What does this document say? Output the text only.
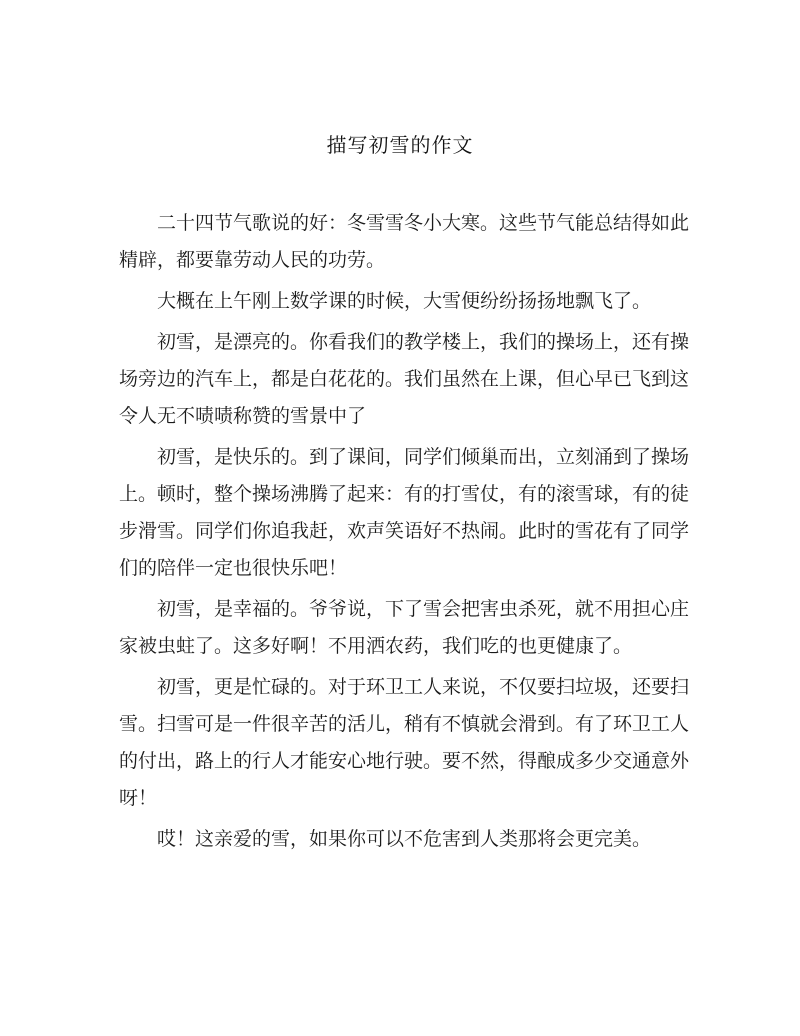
描写初雪的作文

二十四节气歌说的好：冬雪雪冬小大寒。这些节气能总结得如此精辟，都要靠劳动人民的功劳。

大概在上午刚上数学课的时候，大雪便纷纷扬扬地飘飞了。

初雪，是漂亮的。你看我们的教学楼上，我们的操场上，还有操场旁边的汽车上，都是白花花的。我们虽然在上课，但心早已飞到这令人无不啧啧称赞的雪景中了

初雪，是快乐的。到了课间，同学们倾巢而出，立刻涌到了操场上。顿时，整个操场沸腾了起来：有的打雪仗，有的滚雪球，有的徒步滑雪。同学们你追我赶，欢声笑语好不热闹。此时的雪花有了同学们的陪伴一定也很快乐吧！

初雪，是幸福的。爷爷说，下了雪会把害虫杀死，就不用担心庄家被虫蛀了。这多好啊！不用洒农药，我们吃的也更健康了。

初雪，更是忙碌的。对于环卫工人来说，不仅要扫垃圾，还要扫雪。扫雪可是一件很辛苦的活儿，稍有不慎就会滑到。有了环卫工人的付出，路上的行人才能安心地行驶。要不然，得酿成多少交通意外呀！

哎！这亲爱的雪，如果你可以不危害到人类那将会更完美。
